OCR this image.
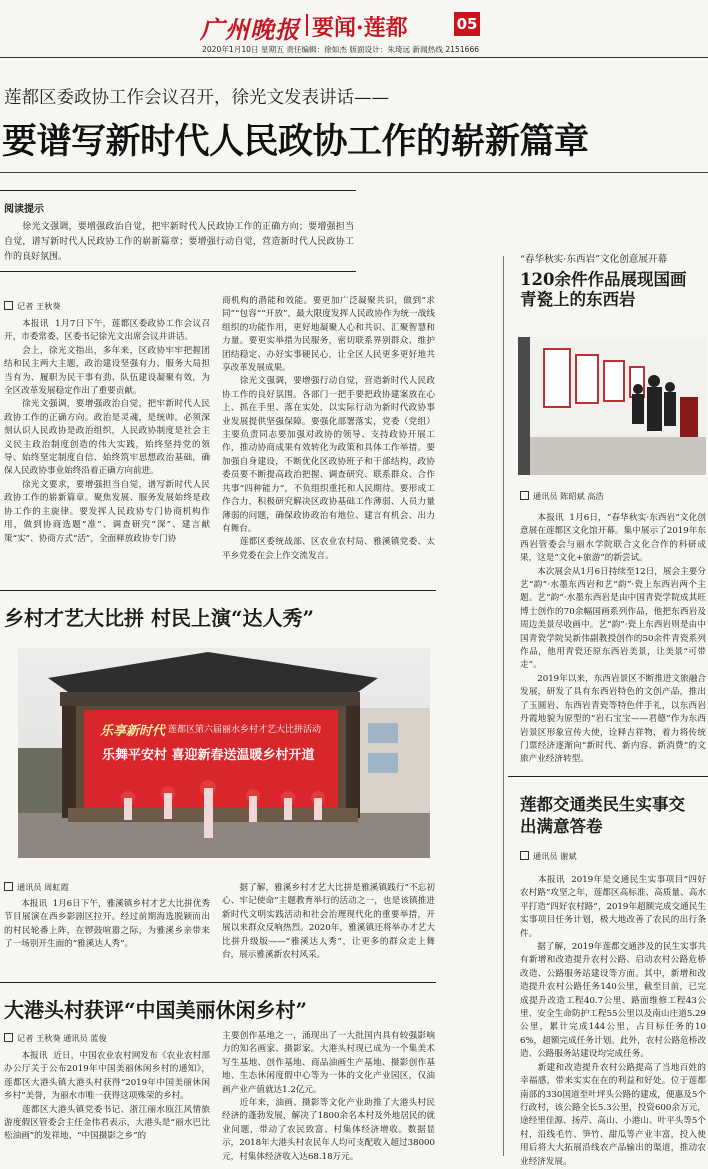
广州晚报 要闻·莲都	05
2020年1月10日 星期五 责任编辑：徐如杰 版面设计：朱琦远 新闻热线 2151666
莲都区委政协工作会议召开，徐光文发表讲话——
要谱写新时代人民政协工作的崭新篇章
阅读提示

　　徐光文强调，要增强政治自觉，把牢新时代人民政协工作的正确方向；要增强担当自觉，谱写新时代人民政协工作的崭新篇章；要增强行动自觉，营造新时代人民政协工作的良好氛围。

记者 王秋葵

　　本报讯  1月7日下午，莲都区委政协工作会议召开，市委常委、区委书记徐光文出席会议并讲话。
　　会上，徐光文指出，多年来，区政协牢牢把握团结和民主两大主题，政治建设坚强有力、服务大局担当有为、履职为民干事有劲、队伍建设凝聚有效，为全区改革发展稳定作出了重要贡献。
　　徐光文强调，要增强政治自觉，把牢新时代人民政协工作的正确方向。政治是灵魂，是统帅。必须深刻认识人民政协是政治组织，人民政协制度是社会主义民主政治制度创造的伟大实践，始终坚持党的领导、始终坚定制度自信、始终筑牢思想政治基础，确保人民政协事业始终沿着正确方向前进。
　　徐光文要求，要增强担当自觉，谱写新时代人民政协工作的崭新篇章。聚焦发展、服务发展始终是政协工作的主旋律。要发挥人民政协专门协商机构作用，做到协商选题“准”、调查研究“深”、建言献策“实”、协商方式“活”，全面释放政协专门协

商机构的潜能和效能。要更加广泛凝聚共识，做到“求同”“包容”“开放”，最大限度发挥人民政协作为统一战线组织的功能作用，更好地凝聚人心和共识、汇聚智慧和力量。要更实举措为民服务，密切联系界别群众、维护团结稳定、办好实事硬民心，让全区人民更多更好地共享改革发展成果。
　　徐光文强调，要增强行动自觉，营造新时代人民政协工作的良好氛围。各部门一把手要把政协建案放在心上、抓在手里、落在实处，以实际行动为新时代政协事业发展提供坚强保障。要强化部署落实，党委（党组）主要负责同志要加强对政协的领导、支持政协开展工作，推动协商成果有效转化为政策和具体工作举措。要加强自身建设，不断优化区政协班子和干部结构，政协委员要不断提高政治把握、调查研究、联系群众、合作共事“四种能力”，不负组织重托和人民期待。要形成工作合力，积极研究解决区政协基础工作薄弱、人员力量薄弱的问题，确保政协政治有地位、建言有机会、出力有舞台。
　　莲都区委统战部、区农业农村局、雅溪镇党委、太平乡党委在会上作交流发言。

乡村才艺大比拼 村民上演“达人秀”
乐享新时代 莲都区第六届丽水乡村才艺大比拼活动
乐舞平安村 喜迎新春送温暖乡村开道
通讯员 周虹霞

　　本报讯  1月6日下午，雅溪镇乡村才艺大比拼优秀节目展演在西乡影剧区拉开。经过前期海选脱颖而出的村民轮番上阵，在锣鼓喧嚣之际，为雅溪乡亲带来了一场别开生面的“雅溪达人秀”。

　　据了解，雅溪乡村才艺大比拼是雅溪镇践行“不忘初心、牢记使命”主题教育举行的活动之一，也是该镇推进新时代文明实践活动和社会治理现代化的重要举措，开展以来群众反响热烈。2020年，雅溪镇还将举办才艺大比拼升级版——“雅溪达人秀”，让更多的群众走上舞台，展示雅溪新农村风采。

大港头村获评“中国美丽休闲乡村”
记者 王秋葵 通讯员 蓝俊

　　本报讯  近日，中国农业农村网发布《农业农村部办公厅关于公布2019年中国美丽休闲乡村的通知》，莲都区大港头镇大港头村获得“2019年中国美丽休闲乡村”美誉，为丽水市唯一获得这项殊荣的乡村。
　　莲都区大港头镇党委书记、浙江丽水瓯江风情旅游度假区管委会主任金伟君表示，大港头是“丽水巴比松油画”的发祥地、“中国摄影之乡”的

主要创作基地之一，涌现出了一大批国内具有较强影响力的知名画家、摄影家。大港头村现已成为一个集美术写生基地、创作基地、商品油画生产基地、摄影创作基地、生态休闲度假中心等为一体的文化产业园区，仅油画产业产值就达1.2亿元。
　　近年来，油画、摄影等文化产业助推了大港头村民经济的蓬勃发展，解决了1800余名本村及外地居民的就业问题，带动了农民致富、村集体经济增收。数据显示，2018年大港头村农民年人均可支配收入超过38000元，村集体经济收入达68.18万元。

“春华秋实·东西岩”文化创意展开幕
120余件作品展现国画青瓷上的东西岩
通讯员 陈昭斌 高浩

　　本报讯  1月6日，“春华秋实·东西岩”文化创意展在莲都区文化馆开幕。集中展示了2019年东西岩管委会与丽水学院联合文化合作的科研成果，这是“文化+旅游”的新尝试。
　　本次展会从1月6日持续至12日，展会主要分艺“韵”·水墨东西岩和艺“韵”·瓷上东西岩两个主题。艺“韵”·水墨东西岩是由中国青瓷学院成其旺博士创作的70余幅国画系列作品，他把东西岩及周边美景尽收画中。艺“韵”·瓷上东西岩则是由中国青瓷学院吴新伟副教授创作的50余件青瓷系列作品，他用青瓷还原东西岩美景，让美景“可带走”。
　　2019年以来，东西岩景区不断推进文旅融合发展，研发了具有东西岩特色的文创产品，推出了玉圆岩、东西岩青瓷等特色伴手礼，以东西岩丹霞地貌为原型的“岩石宝宝——君德”作为东西岩景区形象宣传大使，诠释吉祥物，着力将传统门票经济逐渐向“新时代、新内容、新消费”的文旅产业经济转型。

莲都交通类民生实事交出满意答卷
通讯员 谢斌

　　本报讯  2019年是交通民生实事项目“四好农村路”攻坚之年，莲都区高标准、高质量、高水平打造“四好农村路”，2019年超额完成交通民生实事项目任务计划，极大地改善了农民的出行条件。
　　据了解，2019年莲都交通涉及的民生实事共有新增和改造提升农村公路、启动农村公路危桥改造、公路服务站建设等方面。其中，新增和改造提升农村公路任务140公里，截至目前，已完成提升改造工程40.7公里、路面维修工程43公里、安全生命防护工程55公里以及南山庄道5.29公里，累计完成144公里，占目标任务的106%，超额完成任务计划。此外，农村公路危桥改造、公路服务站建设均完成任务。
　　新建和改造提升农村公路提高了当地百姓的幸福感，带来实实在在的利益和好处。位于莲都南部的330国道至叶坪头公路的建成，便惠及5个行政村，该公路全长5.3公里，投资600余万元，途经里佳源、扬芹、高山、小港山、叶平头等5个村，沿线毛竹、笋竹、甜瓜等产业丰富，投入使用后将大大拓展沿线农产品输出的渠道，推动农业经济发展。
